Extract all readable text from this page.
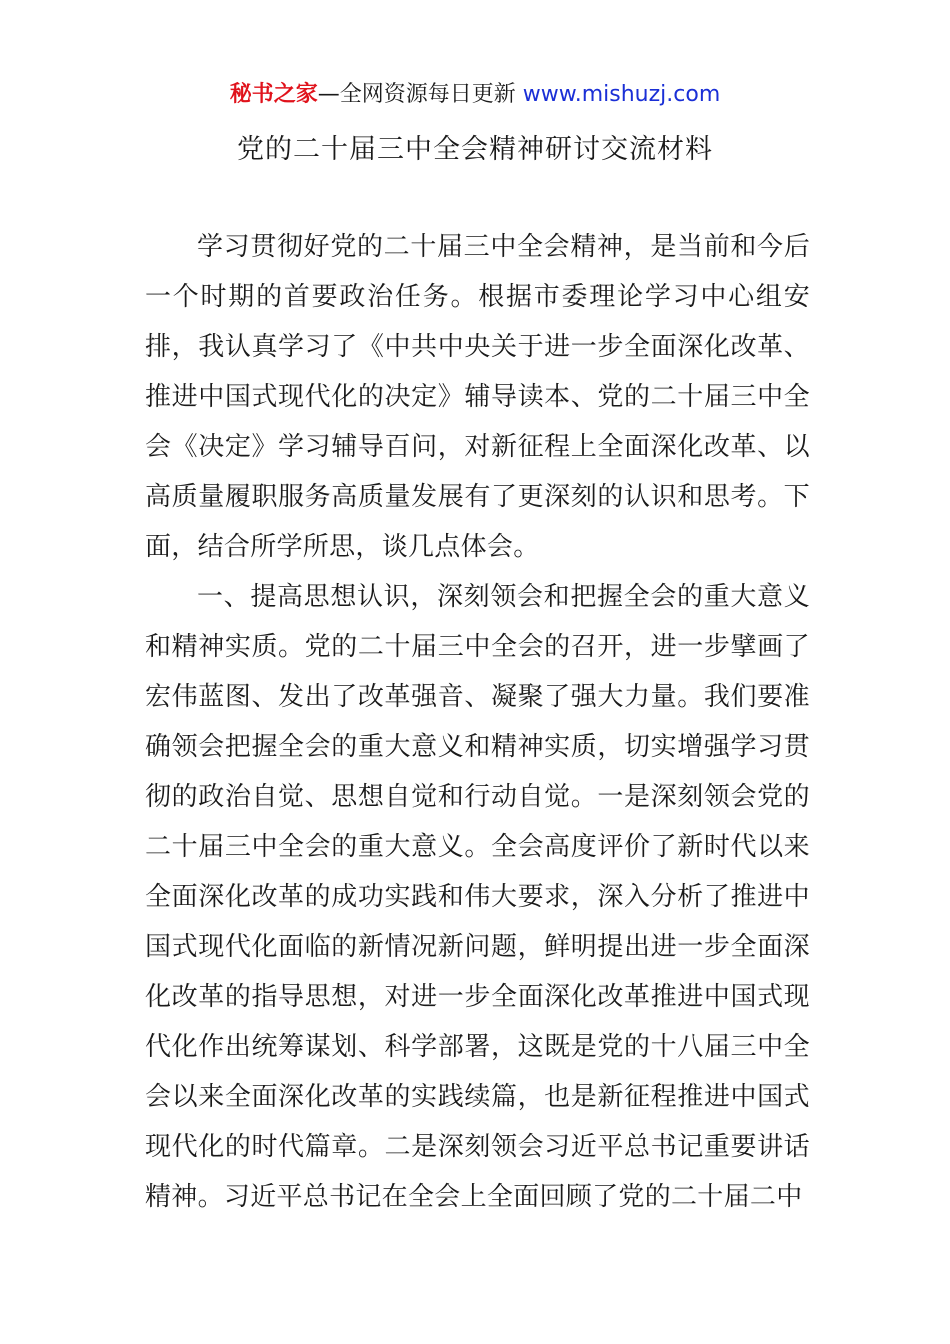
秘书之家—全网资源每日更新 www.mishuzj.com
党的二十届三中全会精神研讨交流材料

学习贯彻好党的二十届三中全会精神，是当前和今后一个时期的首要政治任务。根据市委理论学习中心组安排，我认真学习了《中共中央关于进一步全面深化改革、推进中国式现代化的决定》辅导读本、党的二十届三中全会《决定》学习辅导百问，对新征程上全面深化改革、以高质量履职服务高质量发展有了更深刻的认识和思考。下面，结合所学所思，谈几点体会。

一、提高思想认识，深刻领会和把握全会的重大意义和精神实质。党的二十届三中全会的召开，进一步擘画了宏伟蓝图、发出了改革强音、凝聚了强大力量。我们要准确领会把握全会的重大意义和精神实质，切实增强学习贯彻的政治自觉、思想自觉和行动自觉。一是深刻领会党的二十届三中全会的重大意义。全会高度评价了新时代以来全面深化改革的成功实践和伟大要求，深入分析了推进中国式现代化面临的新情况新问题，鲜明提出进一步全面深化改革的指导思想，对进一步全面深化改革推进中国式现代化作出统筹谋划、科学部署，这既是党的十八届三中全会以来全面深化改革的实践续篇，也是新征程推进中国式现代化的时代篇章。二是深刻领会习近平总书记重要讲话精神。习近平总书记在全会上全面回顾了党的二十届二中
